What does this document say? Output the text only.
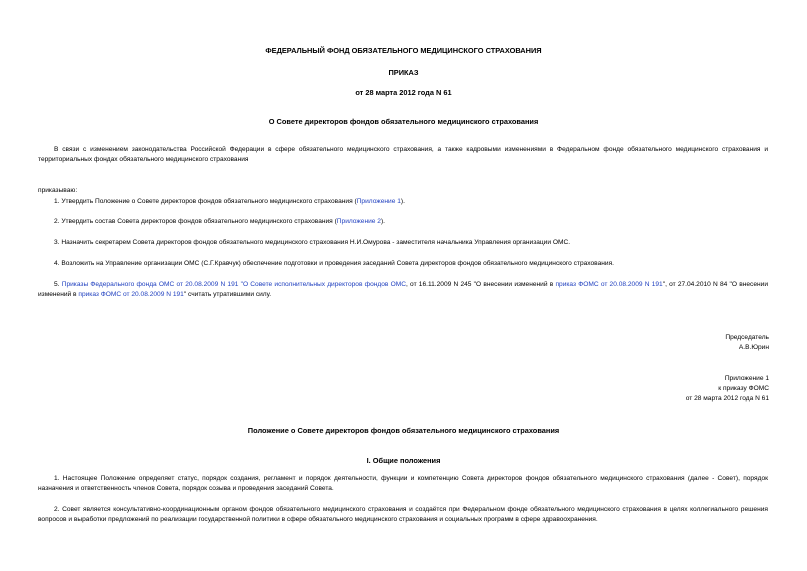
ФЕДЕРАЛЬНЫЙ ФОНД ОБЯЗАТЕЛЬНОГО МЕДИЦИНСКОГО СТРАХОВАНИЯ
ПРИКАЗ
от 28 марта 2012 года N 61
О Совете директоров фондов обязательного медицинского страхования

В связи с изменением законодательства Российской Федерации в сфере обязательного медицинского страхования, а также кадровыми изменениями в Федеральном фонде обязательного медицинского страхования и территориальных фондах обязательного медицинского страхования

приказываю:

1. Утвердить Положение о Совете директоров фондов обязательного медицинского страхования (Приложение 1).

2. Утвердить состав Совета директоров фондов обязательного медицинского страхования (Приложение 2).

3. Назначить секретарем Совета директоров фондов обязательного медицинского страхования Н.И.Омурова - заместителя начальника Управления организации ОМС.

4. Возложить на Управление организации ОМС (С.Г.Кравчук) обеспечение подготовки и проведения заседаний Совета директоров фондов обязательного медицинского страхования.

5. Приказы Федерального фонда ОМС от 20.08.2009 N 191 "О Совете исполнительных директоров фондов ОМС, от 16.11.2009 N 245 "О внесении изменений в приказ ФОМС от 20.08.2009 N 191", от 27.04.2010 N 84 "О внесении изменений в приказ ФОМС от 20.08.2009 N 191" считать утратившими силу.

Председатель
А.В.Юрин
Приложение 1
к приказу ФОМС
от 28 марта 2012 года N 61
Положение о Совете директоров фондов обязательного медицинского страхования
I. Общие положения

1. Настоящее Положение определяет статус, порядок создания, регламент и порядок деятельности, функции и компетенцию Совета директоров фондов обязательного медицинского страхования (далее - Совет), порядок назначения и ответственность членов Совета, порядок созыва и проведения заседаний Совета.

2. Совет является консультативно-координационным органом фондов обязательного медицинского страхования и создаётся при Федеральном фонде обязательного медицинского страхования в целях коллегиального решения вопросов и выработки предложений по реализации государственной политики в сфере обязательного медицинского страхования и социальных программ в сфере здравоохранения.
